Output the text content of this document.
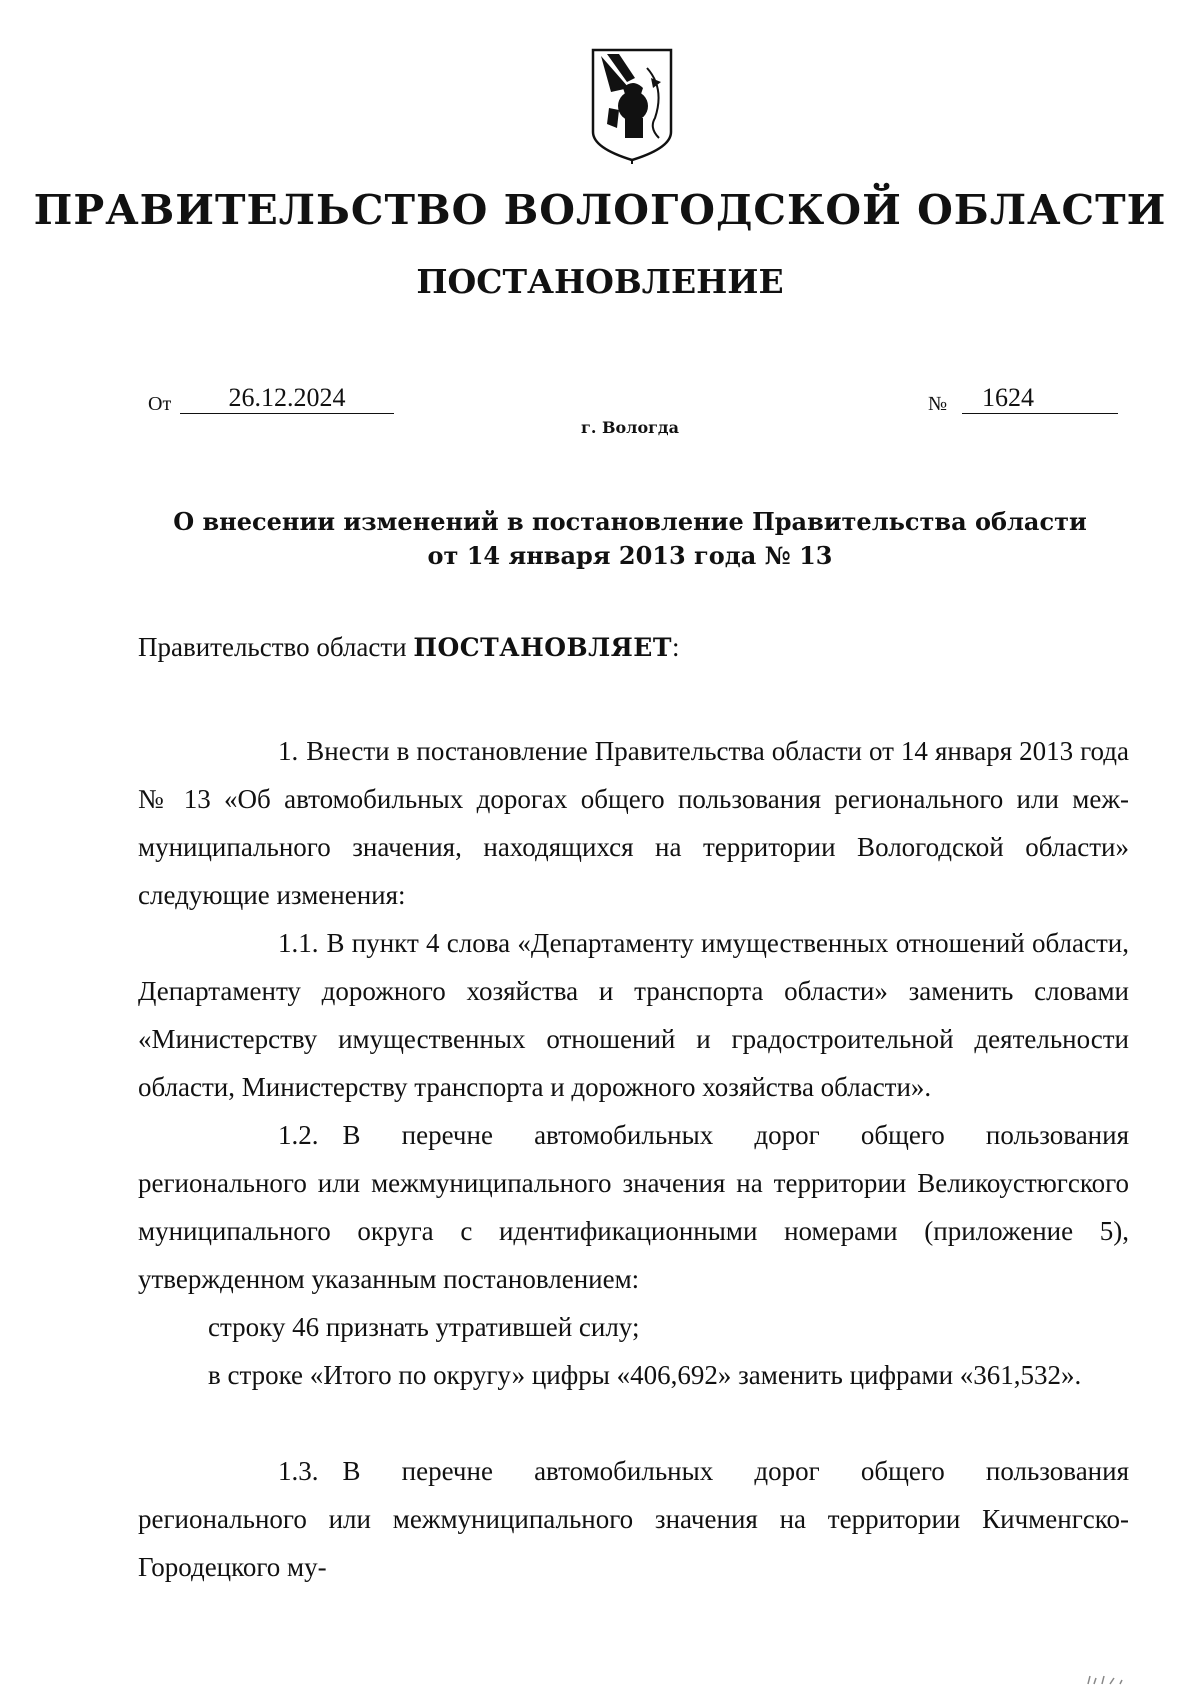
ПРАВИТЕЛЬСТВО ВОЛОГОДСКОЙ ОБЛАСТИ
ПОСТАНОВЛЕНИЕ
От	26.12.2024	№	1624
г. Вологда
О внесении изменений в постановление Правительства области
от 14 января 2013 года № 13
Правительство области ПОСТАНОВЛЯЕТ:
1. Внести в постановление Правительства области от 14 января 2013 года № 13 «Об автомобильных дорогах общего пользования регионального или межмуниципального значения, находящихся на территории Вологодской области» следующие изменения:
1.1. В пункт 4 слова «Департаменту имущественных отношений области, Департаменту дорожного хозяйства и транспорта области» заменить словами «Министерству имущественных отношений и градостроительной деятельности области, Министерству транспорта и дорожного хозяйства области».
1.2. В перечне автомобильных дорог общего пользования регионального или межмуниципального значения на территории Великоустюгского муниципального округа с идентификационными номерами (приложение 5), утвержденном указанным постановлением:
строку 46 признать утратившей силу;
в строке «Итого по округу» цифры «406,692» заменить цифрами «361,532».
1.3. В перечне автомобильных дорог общего пользования регионального или межмуниципального значения на территории Кичменгско-Городецкого му-
